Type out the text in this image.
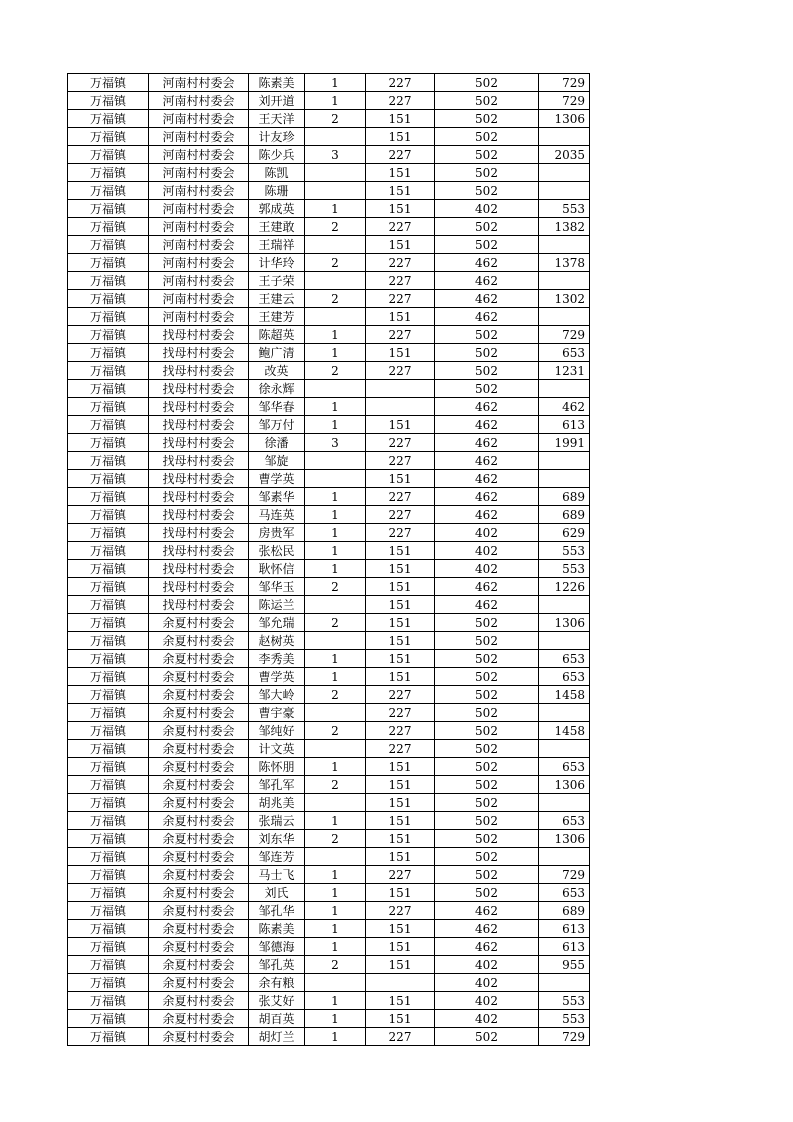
万福镇	河南村村委会	陈素美	1	227	502	729
万福镇	河南村村委会	刘开道	1	227	502	729
万福镇	河南村村委会	王天洋	2	151	502	1306
万福镇	河南村村委会	计友珍		151	502	
万福镇	河南村村委会	陈少兵	3	227	502	2035
万福镇	河南村村委会	陈凯		151	502	
万福镇	河南村村委会	陈珊		151	502	
万福镇	河南村村委会	郭成英	1	151	402	553
万福镇	河南村村委会	王建敢	2	227	502	1382
万福镇	河南村村委会	王瑞祥		151	502	
万福镇	河南村村委会	计华玲	2	227	462	1378
万福镇	河南村村委会	王子荣		227	462	
万福镇	河南村村委会	王建云	2	227	462	1302
万福镇	河南村村委会	王建芳		151	462	
万福镇	找母村村委会	陈超英	1	227	502	729
万福镇	找母村村委会	鲍广清	1	151	502	653
万福镇	找母村村委会	改英	2	227	502	1231
万福镇	找母村村委会	徐永辉			502	
万福镇	找母村村委会	邹华春	1		462	462
万福镇	找母村村委会	邹万付	1	151	462	613
万福镇	找母村村委会	徐潘	3	227	462	1991
万福镇	找母村村委会	邹旋		227	462	
万福镇	找母村村委会	曹学英		151	462	
万福镇	找母村村委会	邹素华	1	227	462	689
万福镇	找母村村委会	马连英	1	227	462	689
万福镇	找母村村委会	房贵军	1	227	402	629
万福镇	找母村村委会	张松民	1	151	402	553
万福镇	找母村村委会	耿怀信	1	151	402	553
万福镇	找母村村委会	邹华玉	2	151	462	1226
万福镇	找母村村委会	陈运兰		151	462	
万福镇	余夏村村委会	邹允瑞	2	151	502	1306
万福镇	余夏村村委会	赵树英		151	502	
万福镇	余夏村村委会	李秀美	1	151	502	653
万福镇	余夏村村委会	曹学英	1	151	502	653
万福镇	余夏村村委会	邹大岭	2	227	502	1458
万福镇	余夏村村委会	曹宇豪		227	502	
万福镇	余夏村村委会	邹纯好	2	227	502	1458
万福镇	余夏村村委会	计文英		227	502	
万福镇	余夏村村委会	陈怀朋	1	151	502	653
万福镇	余夏村村委会	邹孔军	2	151	502	1306
万福镇	余夏村村委会	胡兆美		151	502	
万福镇	余夏村村委会	张瑞云	1	151	502	653
万福镇	余夏村村委会	刘东华	2	151	502	1306
万福镇	余夏村村委会	邹连芳		151	502	
万福镇	余夏村村委会	马士飞	1	227	502	729
万福镇	余夏村村委会	刘氏	1	151	502	653
万福镇	余夏村村委会	邹孔华	1	227	462	689
万福镇	余夏村村委会	陈素美	1	151	462	613
万福镇	余夏村村委会	邹德海	1	151	462	613
万福镇	余夏村村委会	邹孔英	2	151	402	955
万福镇	余夏村村委会	余有粮			402	
万福镇	余夏村村委会	张艾好	1	151	402	553
万福镇	余夏村村委会	胡百英	1	151	402	553
万福镇	余夏村村委会	胡灯兰	1	227	502	729
